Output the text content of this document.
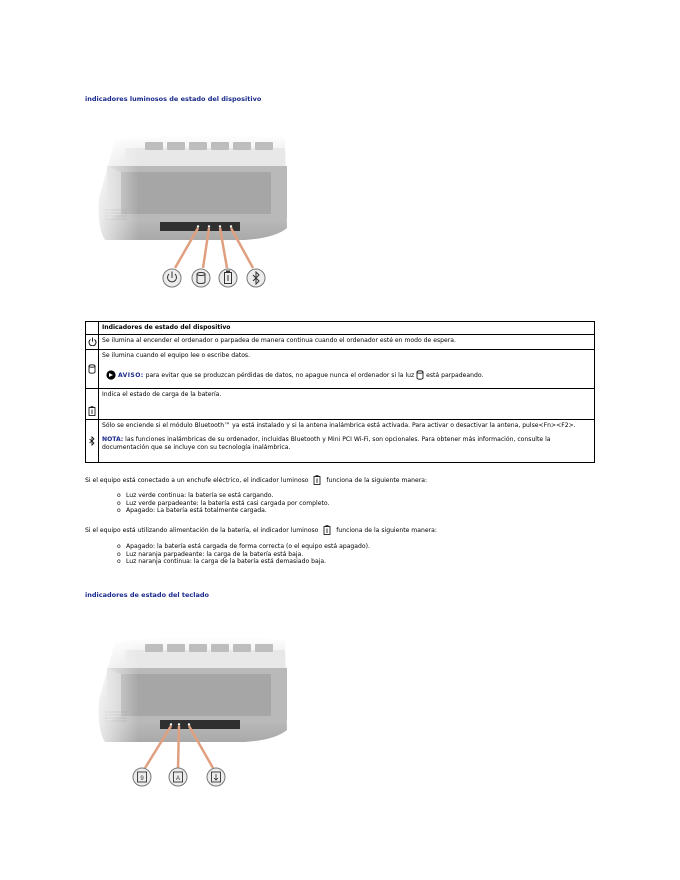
indicadores luminosos de estado del dispositivo
	Indicadores de estado del dispositivo
	Se ilumina al encender el ordenador o parpadea de manera continua cuando el ordenador esté en modo de espera.

Se ilumina cuando el equipo lee o escribe datos.
AVISO: para evitar que se produzcan pérdidas de datos, no apague nunca el ordenador si la luz está parpadeando.

	Indica el estado de carga de la batería.

Sólo se enciende si el módulo Bluetooth™ ya está instalado y si la antena inalámbrica está activada. Para activar o desactivar la antena, pulse<Fn><F2>.
NOTA: las funciones inalámbricas de su ordenador, incluidas Bluetooth y Mini PCI Wi-Fi, son opcionales. Para obtener más información, consulte la documentación que se incluye con su tecnología inalámbrica.
Si el equipo está conectado a un enchufe eléctrico, el indicador luminoso	funciona de la siguiente manera:
o Luz verde continua: la batería se está cargando.
o Luz verde parpadeante: la batería está casi cargada por completo.
o Apagado: La batería está totalmente cargada.
Si el equipo está utilizando alimentación de la batería, el indicador luminoso	funciona de la siguiente manera:
o Apagado: la batería está cargada de forma correcta (o el equipo está apagado).
o Luz naranja parpadeante: la carga de la batería está baja.
o Luz naranja continua: la carga de la batería está demasiado baja.
indicadores de estado del teclado
9	A
